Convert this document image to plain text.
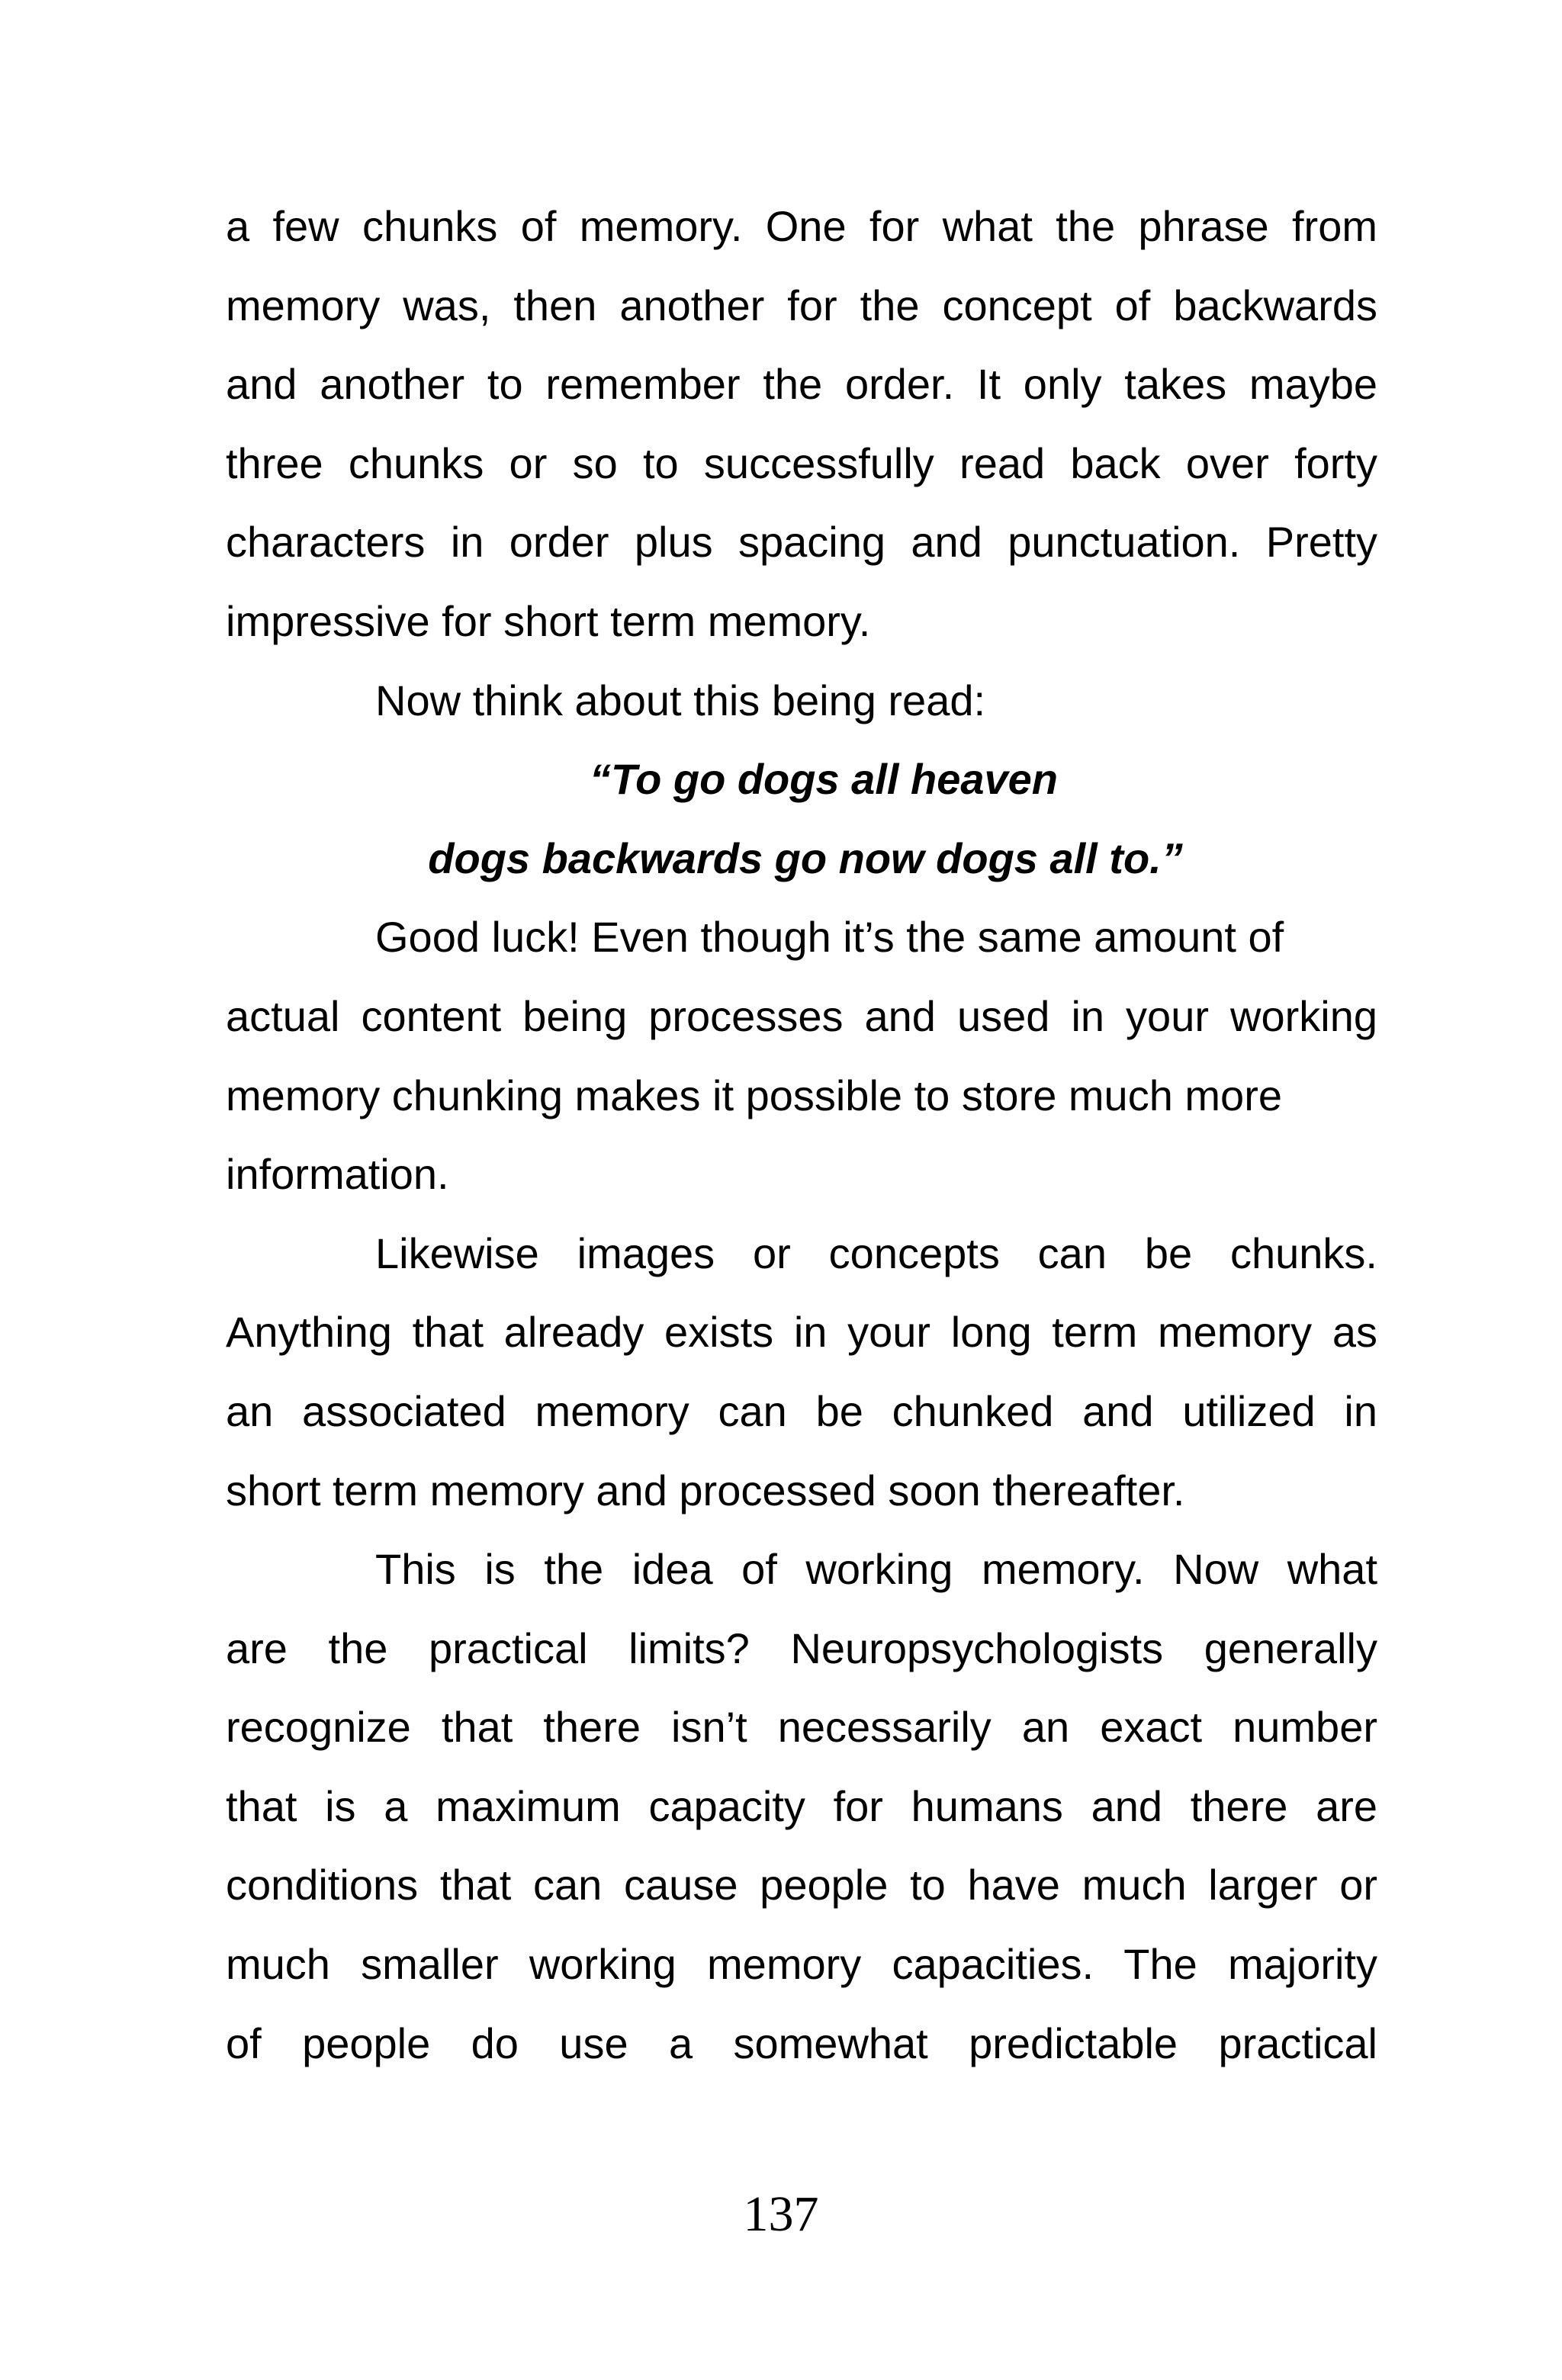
a few chunks of memory. One for what the phrase from
memory was, then another for the concept of backwards
and another to remember the order. It only takes maybe
three chunks or so to successfully read back over forty
characters in order plus spacing and punctuation. Pretty
impressive for short term memory.
Now think about this being read:
“To go dogs all heaven
dogs backwards go now dogs all to.”
Good luck! Even though it’s the same amount of
actual content being processes and used in your working
memory chunking makes it possible to store much more
information.
Likewise images or concepts can be chunks.
Anything that already exists in your long term memory as
an associated memory can be chunked and utilized in
short term memory and processed soon thereafter.
This is the idea of working memory. Now what
are the practical limits? Neuropsychologists generally
recognize that there isn’t necessarily an exact number
that is a maximum capacity for humans and there are
conditions that can cause people to have much larger or
much smaller working memory capacities. The majority
of people do use a somewhat predictable practical
137
